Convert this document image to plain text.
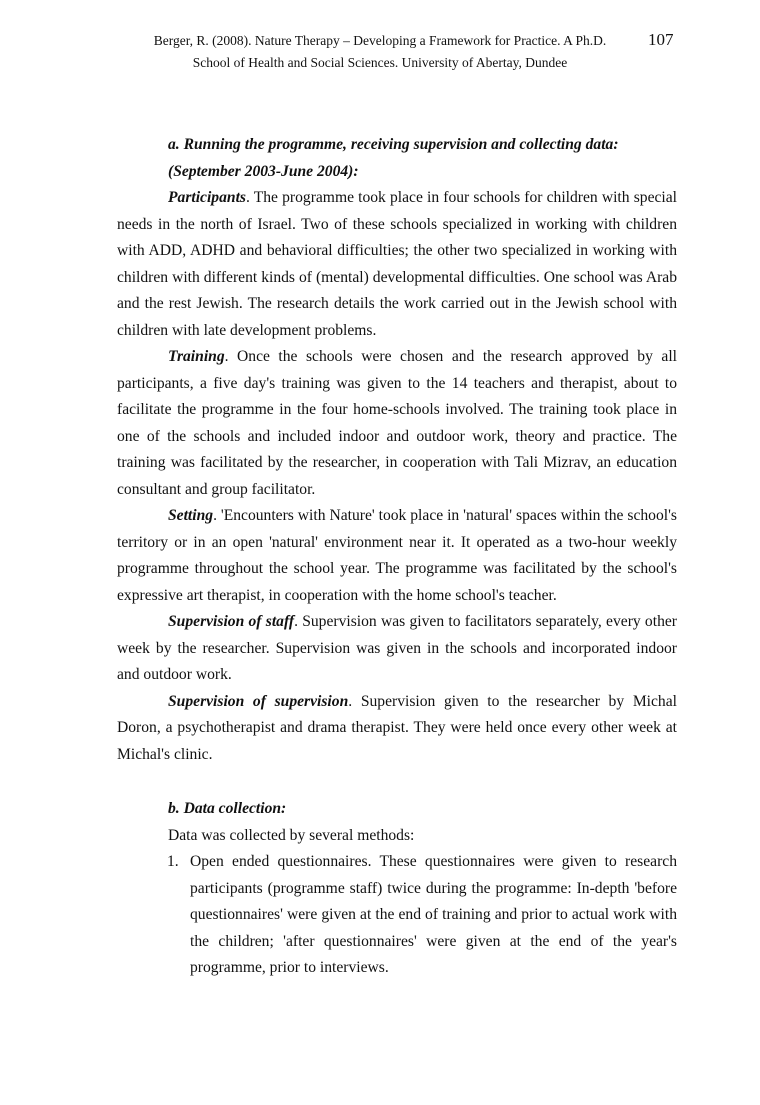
Berger, R. (2008). Nature Therapy – Developing a Framework for Practice. A Ph.D.
School of Health and Social Sciences. University of Abertay, Dundee
107
a. Running the programme, receiving supervision and collecting data:
(September 2003-June 2004):

Participants. The programme took place in four schools for children with special needs in the north of Israel. Two of these schools specialized in working with children with ADD, ADHD and behavioral difficulties; the other two specialized in working with children with different kinds of (mental) developmental difficulties. One school was Arab and the rest Jewish. The research details the work carried out in the Jewish school with children with late development problems.

Training. Once the schools were chosen and the research approved by all participants, a five day's training was given to the 14 teachers and therapist, about to facilitate the programme in the four home-schools involved. The training took place in one of the schools and included indoor and outdoor work, theory and practice. The training was facilitated by the researcher, in cooperation with Tali Mizrav, an education consultant and group facilitator.

Setting. 'Encounters with Nature' took place in 'natural' spaces within the school's territory or in an open 'natural' environment near it. It operated as a two-hour weekly programme throughout the school year. The programme was facilitated by the school's expressive art therapist, in cooperation with the home school's teacher.

Supervision of staff. Supervision was given to facilitators separately, every other week by the researcher. Supervision was given in the schools and incorporated indoor and outdoor work.

Supervision of supervision. Supervision given to the researcher by Michal Doron, a psychotherapist and drama therapist. They were held once every other week at Michal's clinic.

b. Data collection:
Data was collected by several methods:
1. Open ended questionnaires. These questionnaires were given to research participants (programme staff) twice during the programme: In-depth 'before questionnaires' were given at the end of training and prior to actual work with the children; 'after questionnaires' were given at the end of the year's programme, prior to interviews.
